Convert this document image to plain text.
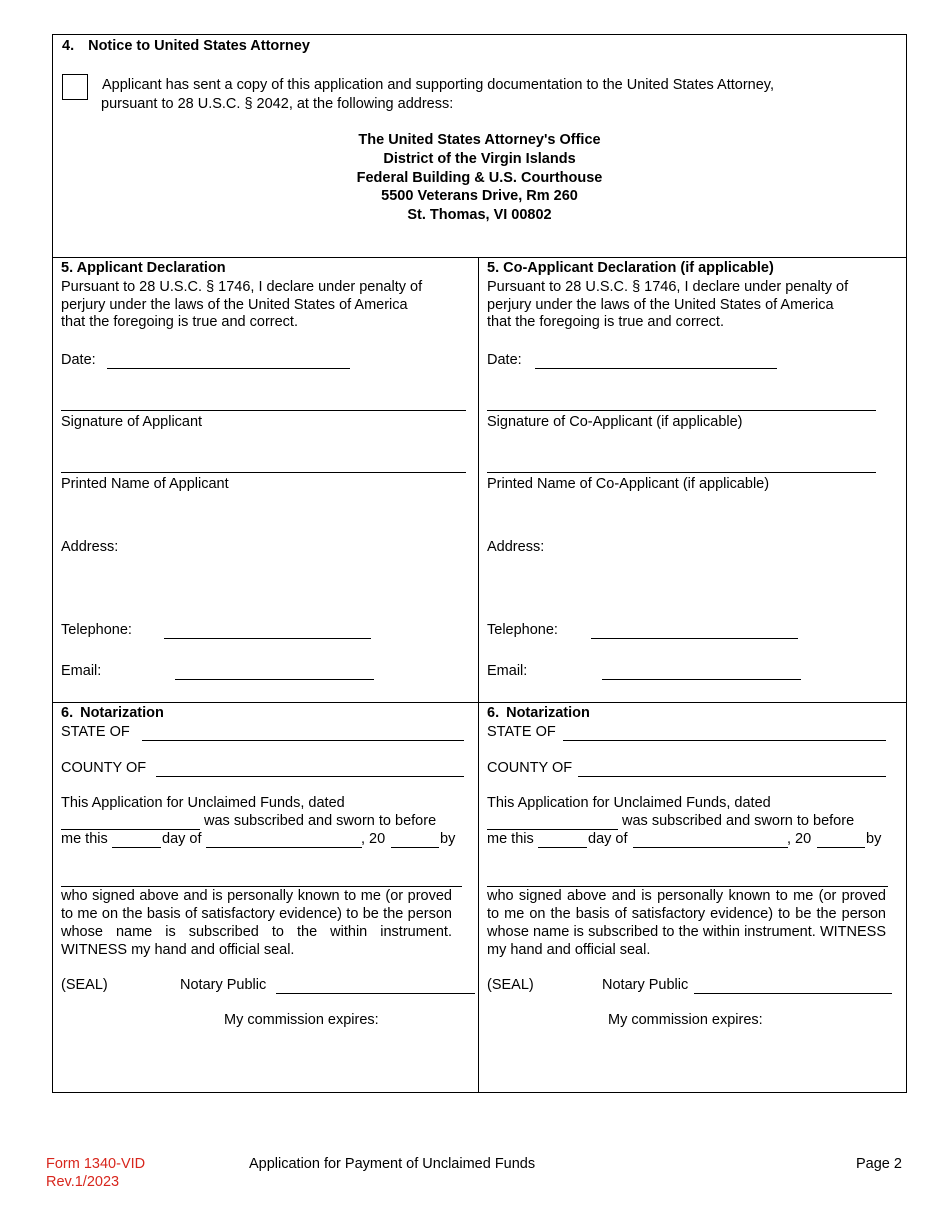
4. Notice to United States Attorney
Applicant has sent a copy of this application and supporting documentation to the United States Attorney,
pursuant to 28 U.S.C. § 2042, at the following address:
The United States Attorney's Office
District of the Virgin Islands
Federal Building & U.S. Courthouse
5500 Veterans Drive, Rm 260
St. Thomas, VI 00802
5. Applicant Declaration
Pursuant to 28 U.S.C. § 1746, I declare under penalty of
perjury under the laws of the United States of America
that the foregoing is true and correct.
Date:
Signature of Applicant
Printed Name of Applicant
Address:
Telephone:
Email:
5. Co-Applicant Declaration (if applicable)
Pursuant to 28 U.S.C. § 1746, I declare under penalty of
perjury under the laws of the United States of America
that the foregoing is true and correct.
Date:
Signature of Co-Applicant (if applicable)
Printed Name of Co-Applicant (if applicable)
Address:
Telephone:
Email:
6. Notarization
STATE OF
COUNTY OF
This Application for Unclaimed Funds, dated
was subscribed and sworn to before
me this	day of	, 20	by
who signed above and is personally known to me (or proved to me on the basis of satisfactory evidence) to be the person whose name is subscribed to the within instrument. WITNESS my hand and official seal.
(SEAL)	Notary Public
My commission expires:
6. Notarization
STATE OF
COUNTY OF
This Application for Unclaimed Funds, dated
was subscribed and sworn to before
me this	day of	, 20	by
who signed above and is personally known to me (or proved to me on the basis of satisfactory evidence) to be the person whose name is subscribed to the within instrument. WITNESS my hand and official seal.
(SEAL)	Notary Public
My commission expires:
Form 1340-VID
Rev.1/2023
Application for Payment of Unclaimed Funds	Page 2
